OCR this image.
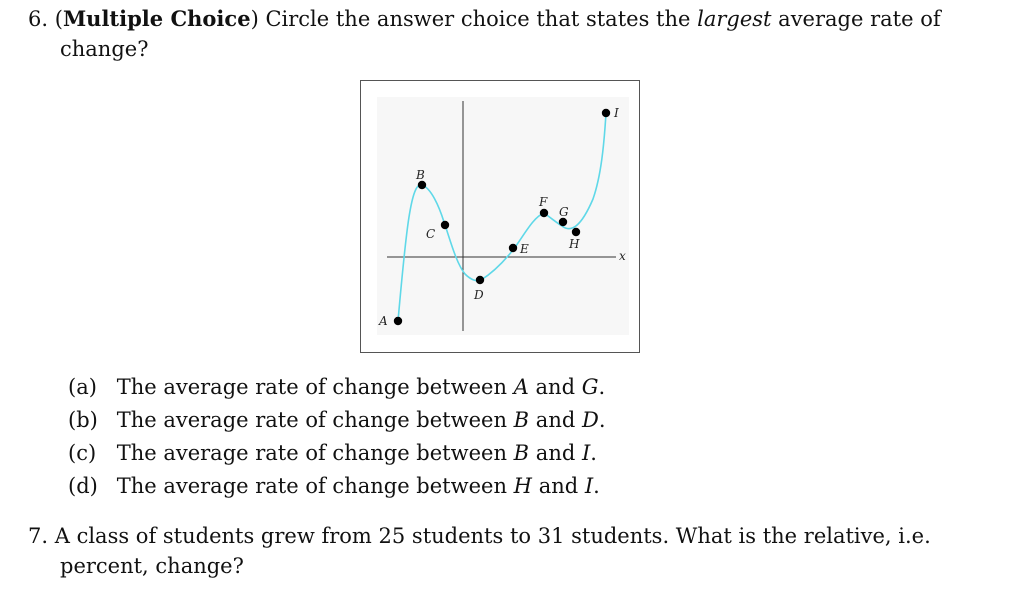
6. (Multiple Choice) Circle the answer choice that states the largest average rate of
change?
x
A
B
C
D
E
F
G
H
I
(a) The average rate of change between A and G.
(b) The average rate of change between B and D.
(c) The average rate of change between B and I.
(d) The average rate of change between H and I.
7. A class of students grew from 25 students to 31 students. What is the relative, i.e.
percent, change?
